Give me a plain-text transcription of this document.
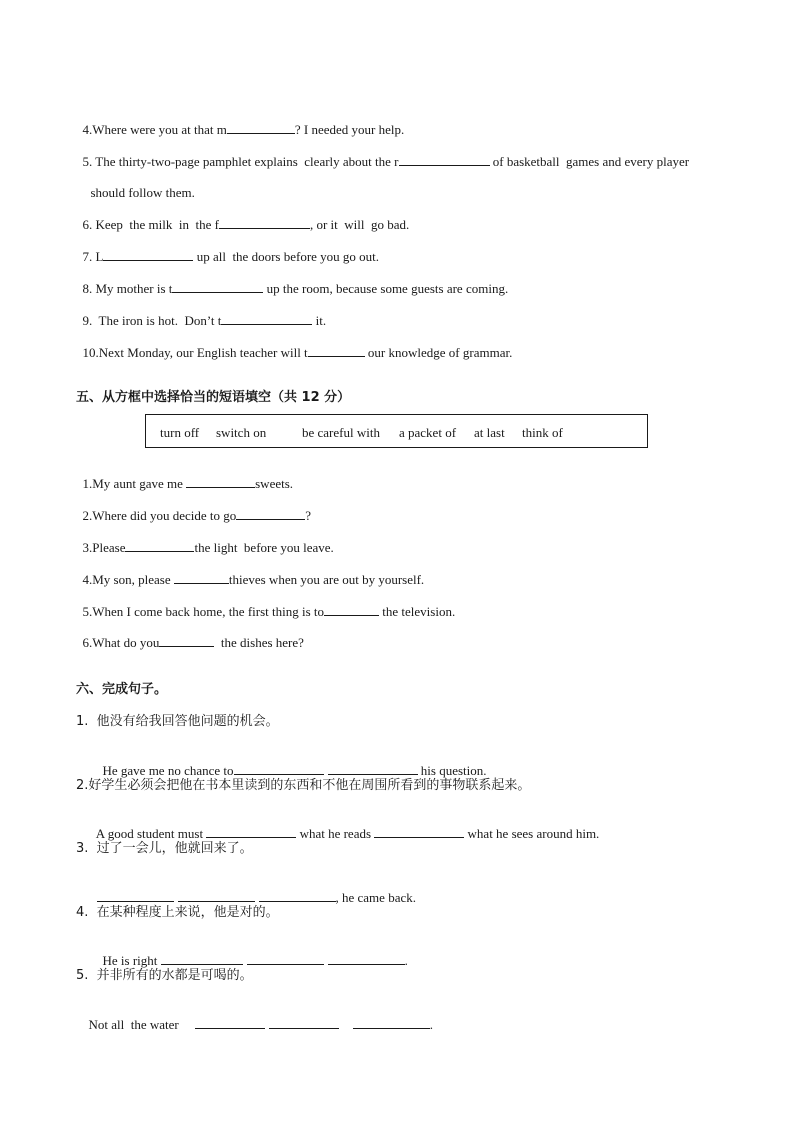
4.Where were you at that m	? I needed your help.

5. The thirty-two-page pamphlet explains  clearly about the r	of basketball  games and every player

should follow them.

6. Keep  the milk  in  the f	, or it  will  go bad.

7. L	up all  the doors before you go out.

8. My mother is t	up the room, because some guests are coming.

9.  The iron is hot.  Don’t t	it.

10.Next Monday, our English teacher will t	our knowledge of grammar.

五、从方框中选择恰当的短语填空（共 12 分）
turn off switch on	be careful with a packet of at last think of

1.My aunt gave me	sweets.

2.Where did you decide to go	?

3.Please	the light  before you leave.

4.My son, please	thieves when you are out by yourself.

5.When I come back home, the first thing is to	the television.

6.What do you	the dishes here?

六、完成句子。
1.  他没有给我回答他问题的机会。

He gave me no chance to	his question.

2.好学生必须会把他在书本里读到的东西和不他在周围所看到的事物联系起来。

A good student must	what he reads	what he sees around him.

3.  过了一会儿，他就回来了。

, he came back.

4.  在某种程度上来说，他是对的。

He is right	.

5.  并非所有的水都是可喝的。

Not all  the water	.
